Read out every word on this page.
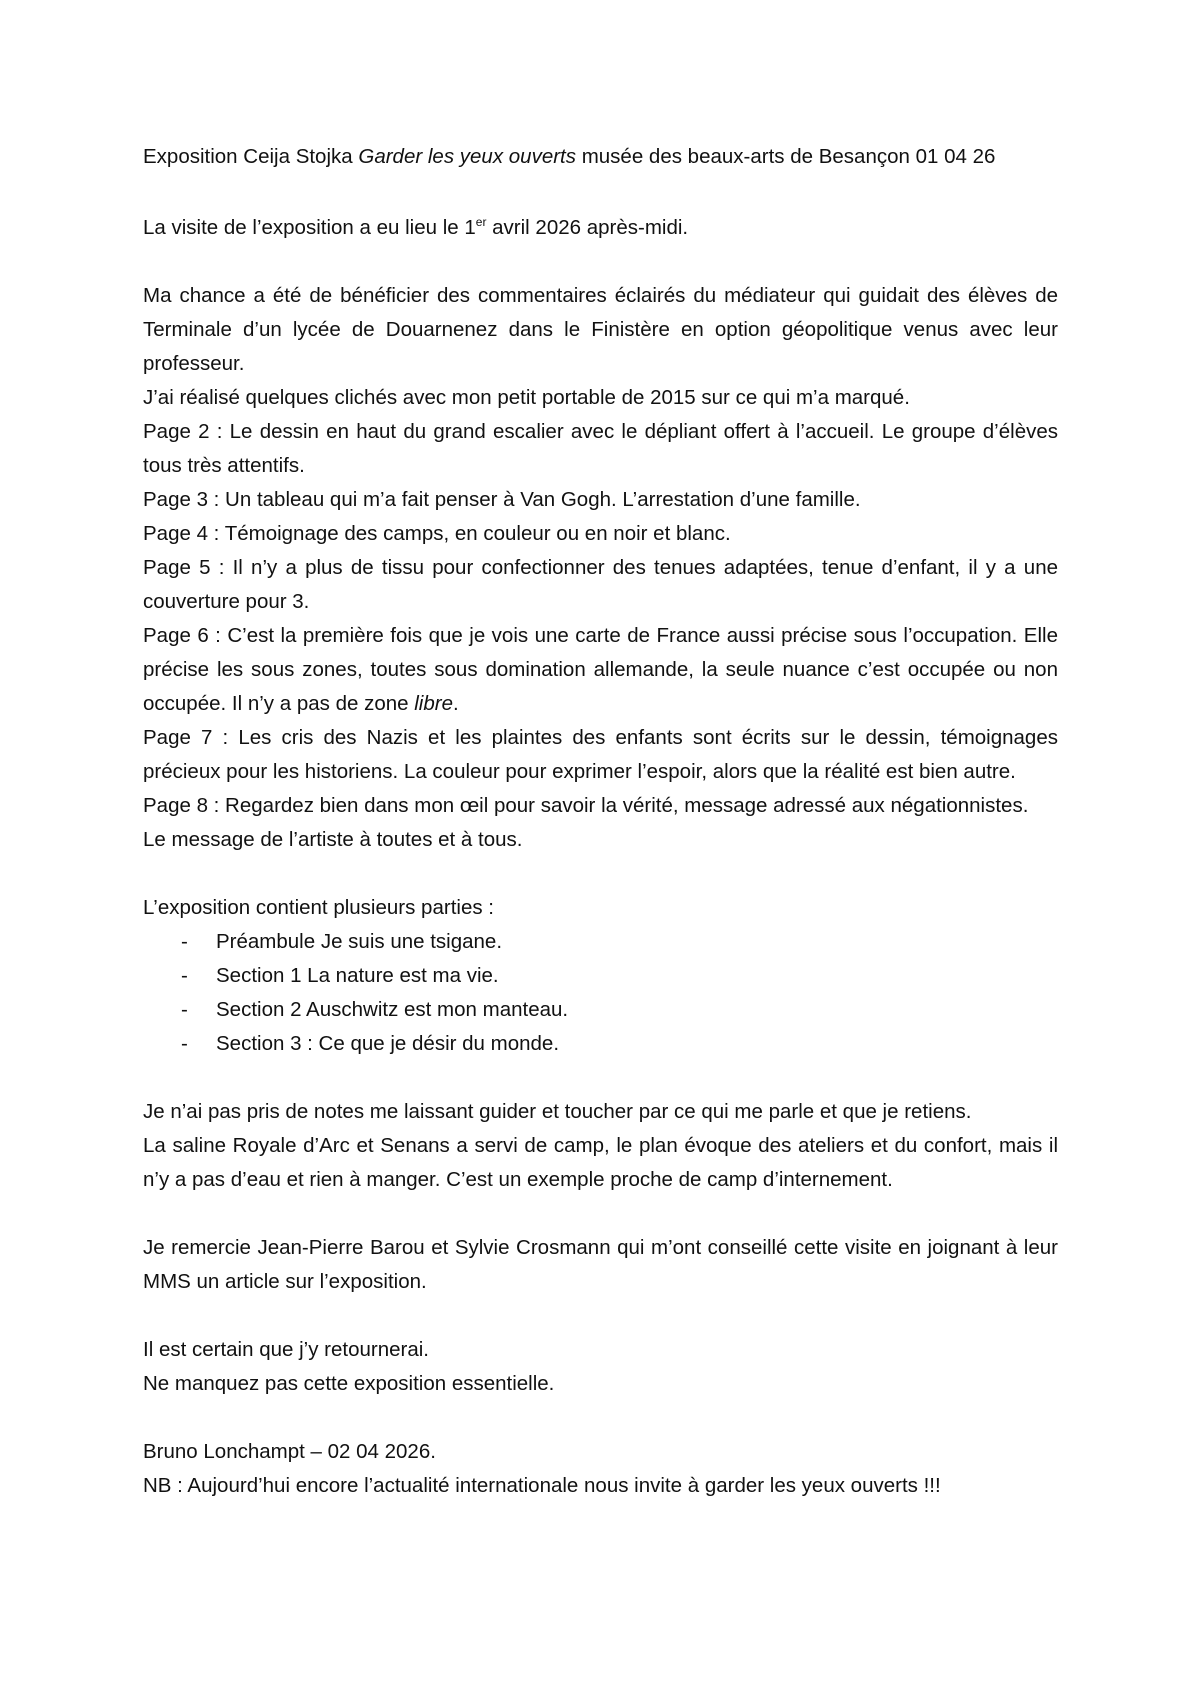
Exposition Ceija Stojka Garder les yeux ouverts musée des beaux-arts de Besançon 01 04 26

La visite de l’exposition a eu lieu le 1er avril 2026 après-midi.

Ma chance a été de bénéficier des commentaires éclairés du médiateur qui guidait des élèves de Terminale d’un lycée de Douarnenez dans le Finistère en option géopolitique venus avec leur professeur.

J’ai réalisé quelques clichés avec mon petit portable de 2015 sur ce qui m’a marqué.

Page 2 : Le dessin en haut du grand escalier avec le dépliant offert à l’accueil. Le groupe d’élèves tous très attentifs.

Page 3 : Un tableau qui m’a fait penser à Van Gogh. L’arrestation d’une famille.

Page 4 : Témoignage des camps, en couleur ou en noir et blanc.

Page 5 : Il n’y a plus de tissu pour confectionner des tenues adaptées, tenue d’enfant, il y a une couverture pour 3.

Page 6 : C’est la première fois que je vois une carte de France aussi précise sous l’occupation. Elle précise les sous zones, toutes sous domination allemande, la seule nuance c’est occupée ou non occupée. Il n’y a pas de zone libre.

Page 7 : Les cris des Nazis et les plaintes des enfants sont écrits sur le dessin, témoignages précieux pour les historiens. La couleur pour exprimer l’espoir, alors que la réalité est bien autre.

Page 8 : Regardez bien dans mon œil pour savoir la vérité, message adressé aux négationnistes.

Le message de l’artiste à toutes et à tous.

L’exposition contient plusieurs parties :

- Préambule Je suis une tsigane.
- Section 1 La nature est ma vie.
- Section 2 Auschwitz est mon manteau.
- Section 3 : Ce que je désir du monde.

Je n’ai pas pris de notes me laissant guider et toucher par ce qui me parle et que je retiens.

La saline Royale d’Arc et Senans a servi de camp, le plan évoque des ateliers et du confort, mais il n’y a pas d’eau et rien à manger. C’est un exemple proche de camp d’internement.

Je remercie Jean-Pierre Barou et Sylvie Crosmann qui m’ont conseillé cette visite en joignant à leur MMS un article sur l’exposition.

Il est certain que j’y retournerai.

Ne manquez pas cette exposition essentielle.

Bruno Lonchampt – 02 04 2026.

NB : Aujourd’hui encore l’actualité internationale nous invite à garder les yeux ouverts !!!
